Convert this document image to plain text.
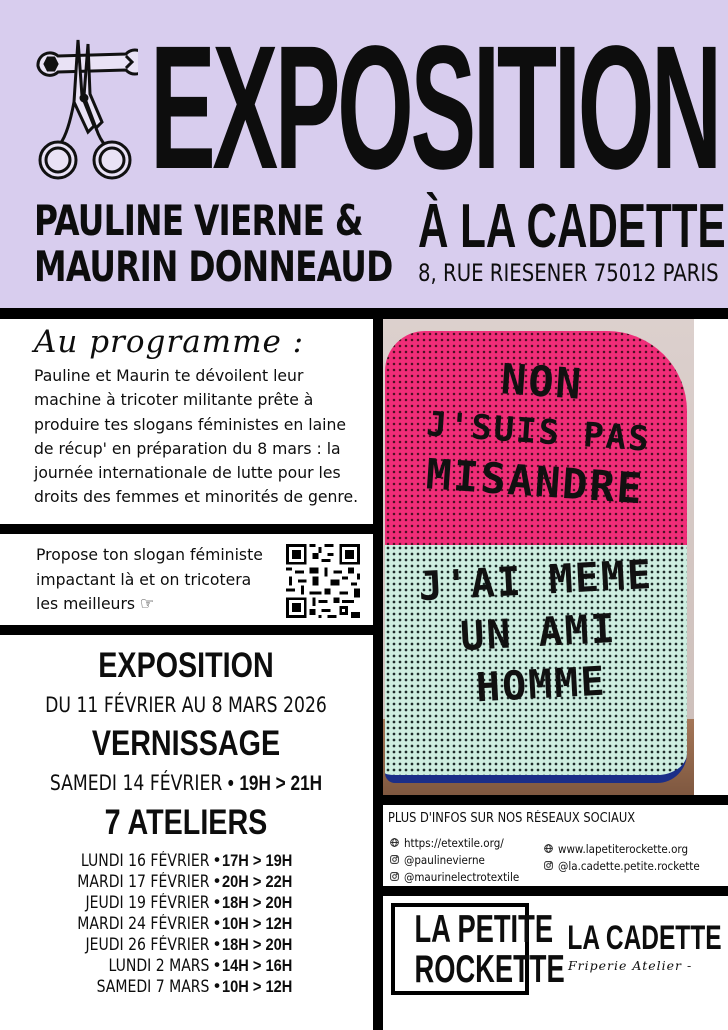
EXPOSITION
PAULINE VIERNE &
MAURIN DONNEAUD
À LA CADETTE
8, RUE RIESENER 75012 PARIS
Au programme :
Pauline et Maurin te dévoilent leur
machine à tricoter militante prête à
produire tes slogans féministes en laine
de récup' en préparation du 8 mars : la
journée internationale de lutte pour les
droits des femmes et minorités de genre.
Propose ton slogan féministe
impactant là et on tricotera
les meilleurs ☞
EXPOSITION
DU 11 FÉVRIER AU 8 MARS 2026
VERNISSAGE
SAMEDI 14 FÉVRIER • 19H > 21H
7 ATELIERS
LUNDI 16 FÉVRIER • 17H > 19H
MARDI 17 FÉVRIER • 20H > 22H
JEUDI 19 FÉVRIER • 18H > 20H
MARDI 24 FÉVRIER • 10H > 12H
JEUDI 26 FÉVRIER • 18H > 20H
LUNDI 2 MARS • 14H > 16H
SAMEDI 7 MARS • 10H > 12H
NON
J'SUIS PAS
MISANDRE
J'AI MEME
UN AMI
HOMME
PLUS D'INFOS SUR NOS RÉSEAUX SOCIAUX
https://etextile.org/
@paulinevierne
@maurinelectrotextile
www.lapetiterockette.org
@la.cadette.petite.rockette
LA PETITE
ROCKETTE
LA CADETTE
- Friperie Atelier -
